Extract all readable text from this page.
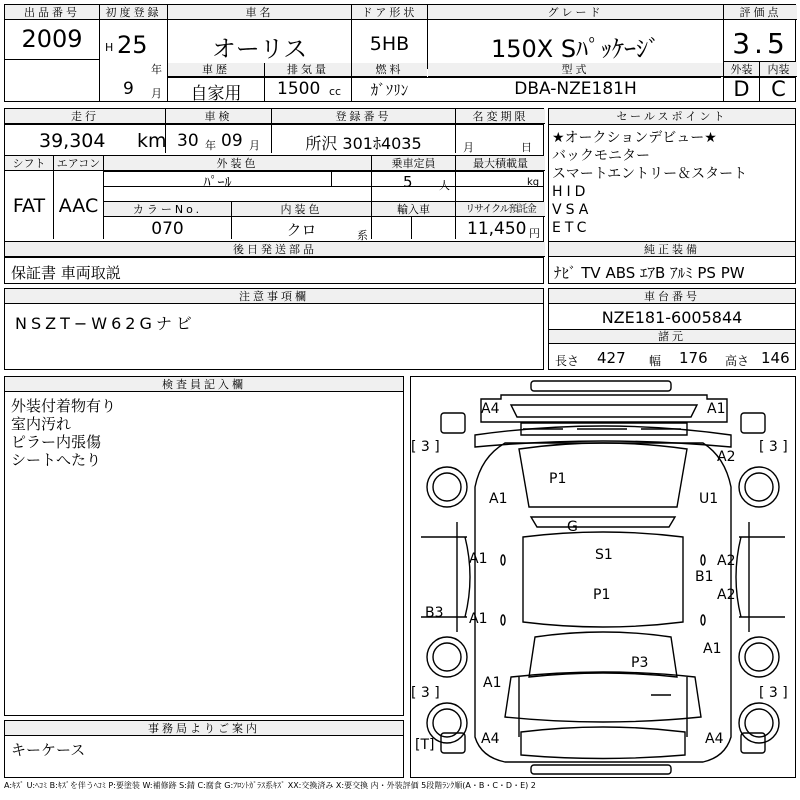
出品番号
2009
初度登録
H 25
年
9 月
車名
オーリス
ドア形状
5HB
グレード
150X Sﾊﾟｯｹｰｼﾞ
評価点
3.5
車歴
自家用
排気量
1500 cc
燃料
ｶﾞｿﾘﾝ
型式
DBA-NZE181H
外装
D
内装
C
走行
39,304 km
車検
30 年 09 月
登録番号
所沢 301ﾎ4035
名変期限
月	日
シフト
FAT
エアコン
AAC
外装色
ﾊﾟｰﾙ
乗車定員
5 人
最大積載量
kg
カラーNo.
070
内装色
クロ	系
輸入車	リサイクル預託金
11,450 円
後日発送部品
保証書 車両取説
セールスポイント
★オークションデビュー★
バックモニター
スマートエントリー＆スタート
HID
VSA
ETC
純正装備
ﾅﾋﾞ TV ABS ｴｱB ｱﾙﾐ PS PW
注意事項欄
NSZT−W62Gナビ
車台番号
NZE181-6005844
諸元
長さ 427 幅 176 高さ 146
検査員記入欄
外装付着物有り
室内汚れ
ピラー内張傷
シートへたり
事務局よりご案内
キーケース
A4	A1
[ 3 ]	[ 3 ]
P1
A2
A1	U1
G
A1	A2
S1
B1
A2
P1
A1
B3
A1
P3
[ 3 ]
A1
[ 3 ]
A4	A4
[T]
A:ｷｽﾞ U:ﾍｺﾐ B:ｷｽﾞを伴うﾍｺﾐ P:要塗装 W:補修跡 S:錆 C:腐食 G:ﾌﾛﾝﾄｶﾞﾗｽ系ｷｽﾞ XX:交換済み X:要交換 内・外装評価 5段階ﾗﾝｸ順(A・B・C・D・E) 2
